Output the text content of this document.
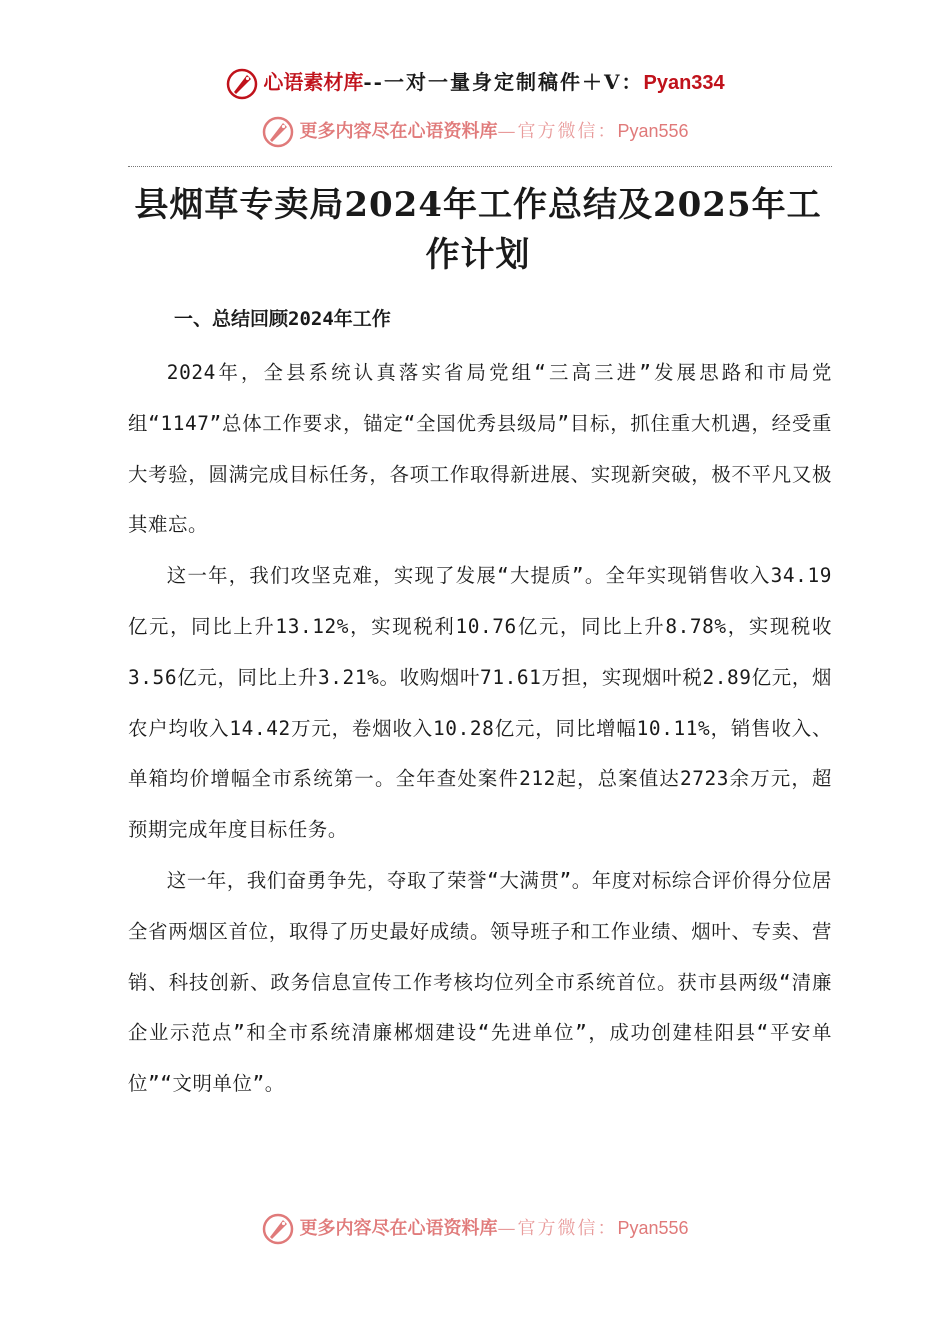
心语素材库--一对一量身定制稿件＋V：Pyan334
更多内容尽在心语资料库—官方微信：Pyan556
县烟草专卖局2024年工作总结及2025年工作计划
一、总结回顾2024年工作

2024年，全县系统认真落实省局党组“三高三进”发展思路和市局党组“1147”总体工作要求，锚定“全国优秀县级局”目标，抓住重大机遇，经受重大考验，圆满完成目标任务，各项工作取得新进展、实现新突破，极不平凡又极其难忘。

这一年，我们攻坚克难，实现了发展“大提质”。全年实现销售收入34.19亿元，同比上升13.12%，实现税利10.76亿元，同比上升8.78%，实现税收3.56亿元，同比上升3.21%。收购烟叶71.61万担，实现烟叶税2.89亿元，烟农户均收入14.42万元，卷烟收入10.28亿元，同比增幅10.11%，销售收入、单箱均价增幅全市系统第一。全年查处案件212起，总案值达2723余万元，超预期完成年度目标任务。

这一年，我们奋勇争先，夺取了荣誉“大满贯”。年度对标综合评价得分位居全省两烟区首位，取得了历史最好成绩。领导班子和工作业绩、烟叶、专卖、营销、科技创新、政务信息宣传工作考核均位列全市系统首位。获市县两级“清廉企业示范点”和全市系统清廉郴烟建设“先进单位”，成功创建桂阳县“平安单位”“文明单位”。

更多内容尽在心语资料库—官方微信：Pyan556
